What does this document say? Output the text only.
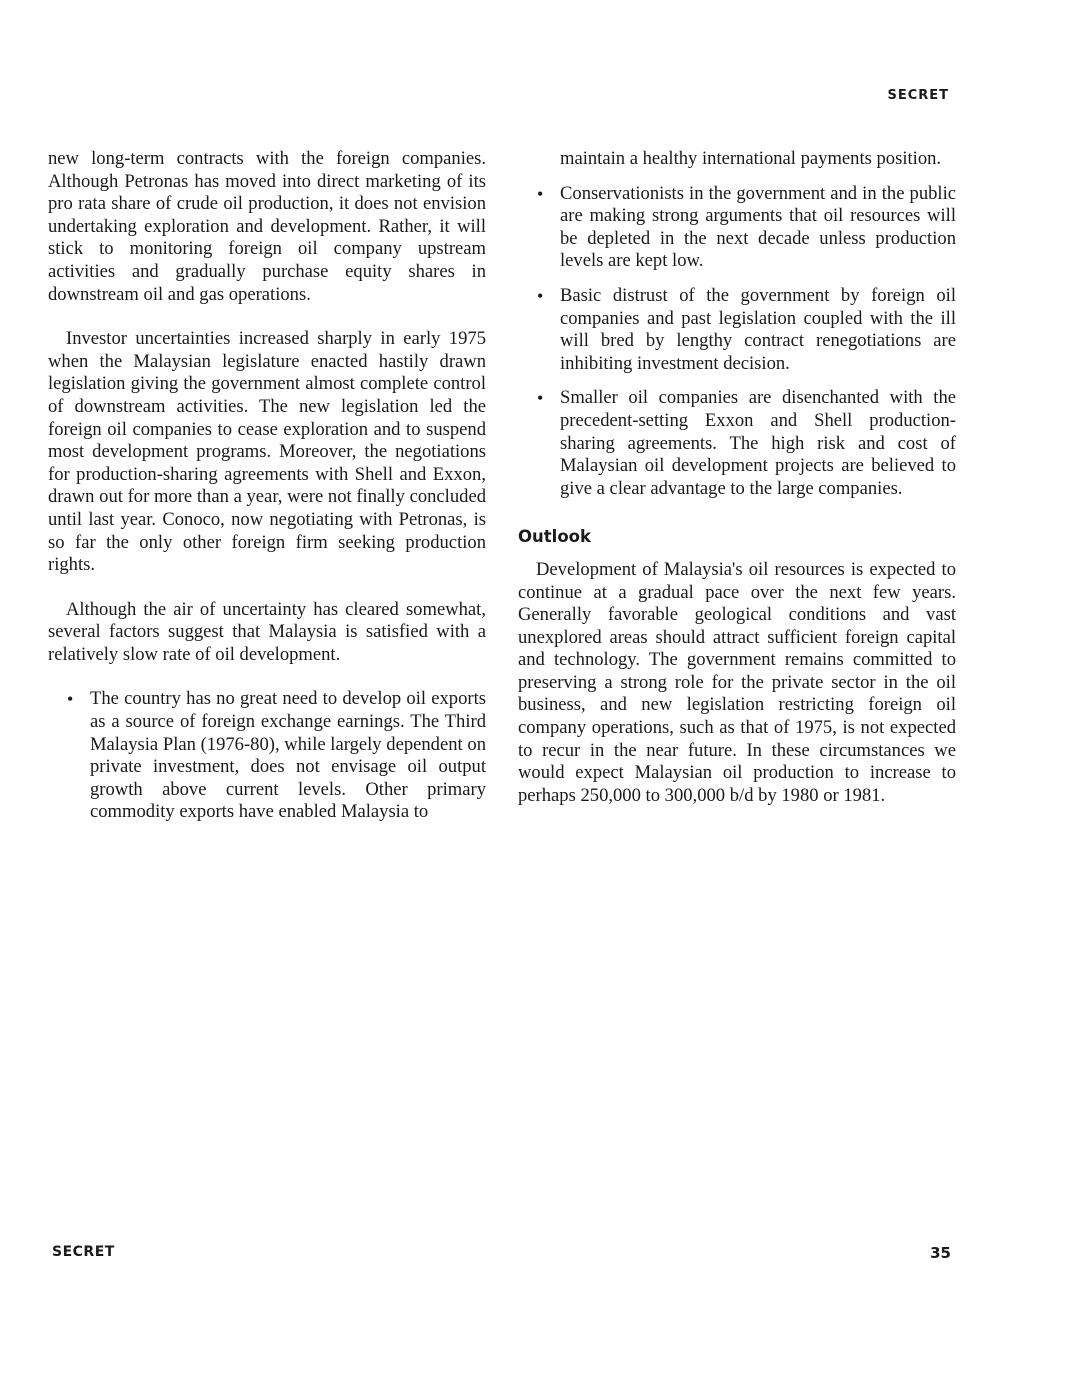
SECRET

new long-term contracts with the foreign companies. Although Petronas has moved into direct marketing of its pro rata share of crude oil production, it does not envision undertaking exploration and development. Rather, it will stick to monitoring foreign oil company upstream activities and gradually purchase equity shares in downstream oil and gas operations.

Investor uncertainties increased sharply in early 1975 when the Malaysian legislature enacted hastily drawn legislation giving the government almost complete control of downstream activities. The new legislation led the foreign oil companies to cease exploration and to suspend most development programs. Moreover, the negotiations for production-sharing agreements with Shell and Exxon, drawn out for more than a year, were not finally concluded until last year. Conoco, now negotiating with Petronas, is so far the only other foreign firm seeking production rights.

Although the air of uncertainty has cleared somewhat, several factors suggest that Malaysia is satisfied with a relatively slow rate of oil development.

• The country has no great need to develop oil exports as a source of foreign exchange earnings. The Third Malaysia Plan (1976-80), while largely dependent on private investment, does not envisage oil output growth above current levels. Other primary commodity exports have enabled Malaysia to
maintain a healthy international payments position.
• Conservationists in the government and in the public are making strong arguments that oil resources will be depleted in the next decade unless production levels are kept low.
• Basic distrust of the government by foreign oil companies and past legislation coupled with the ill will bred by lengthy contract renegotiations are inhibiting investment decision.
• Smaller oil companies are disenchanted with the precedent-setting Exxon and Shell production-sharing agreements. The high risk and cost of Malaysian oil development projects are believed to give a clear advantage to the large companies.
Outlook

Development of Malaysia's oil resources is expected to continue at a gradual pace over the next few years. Generally favorable geological conditions and vast unexplored areas should attract sufficient foreign capital and technology. The government remains committed to preserving a strong role for the private sector in the oil business, and new legislation restricting foreign oil company operations, such as that of 1975, is not expected to recur in the near future. In these circumstances we would expect Malaysian oil production to increase to perhaps 250,000 to 300,000 b/d by 1980 or 1981.

SECRET	35
